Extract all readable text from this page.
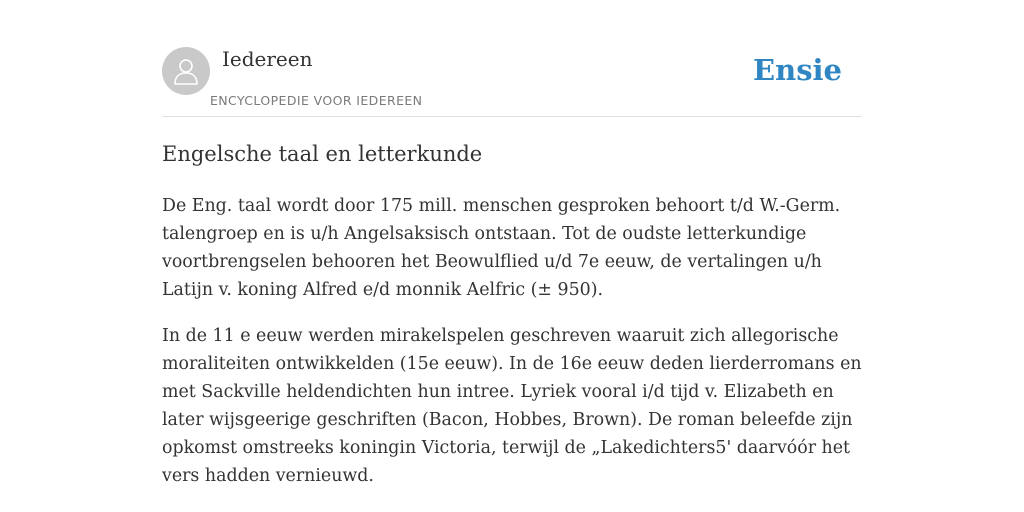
Iedereen
ENCYCLOPEDIE VOOR IEDEREEN
Ensie
Engelsche taal en letterkunde

De Eng. taal wordt door 175 mill. menschen gesproken behoort t/d W.-Germ. talengroep en is u/h Angelsaksisch ontstaan. Tot de oudste letterkundige voortbrengselen behooren het Beowulflied u/d 7e eeuw, de vertalingen u/h Latijn v. koning Alfred e/d monnik Aelfric (± 950).

In de 11 e eeuw werden mirakelspelen geschreven waaruit zich allegorische moraliteiten ontwikkelden (15e eeuw). In de 16e eeuw deden lierderromans en met Sackville heldendichten hun intree. Lyriek vooral i/d tijd v. Elizabeth en later wijsgeerige geschriften (Bacon, Hobbes, Brown). De roman beleefde zijn opkomst omstreeks koningin Victoria, terwijl de „Lakedichters5' daarvóór het vers hadden vernieuwd.
